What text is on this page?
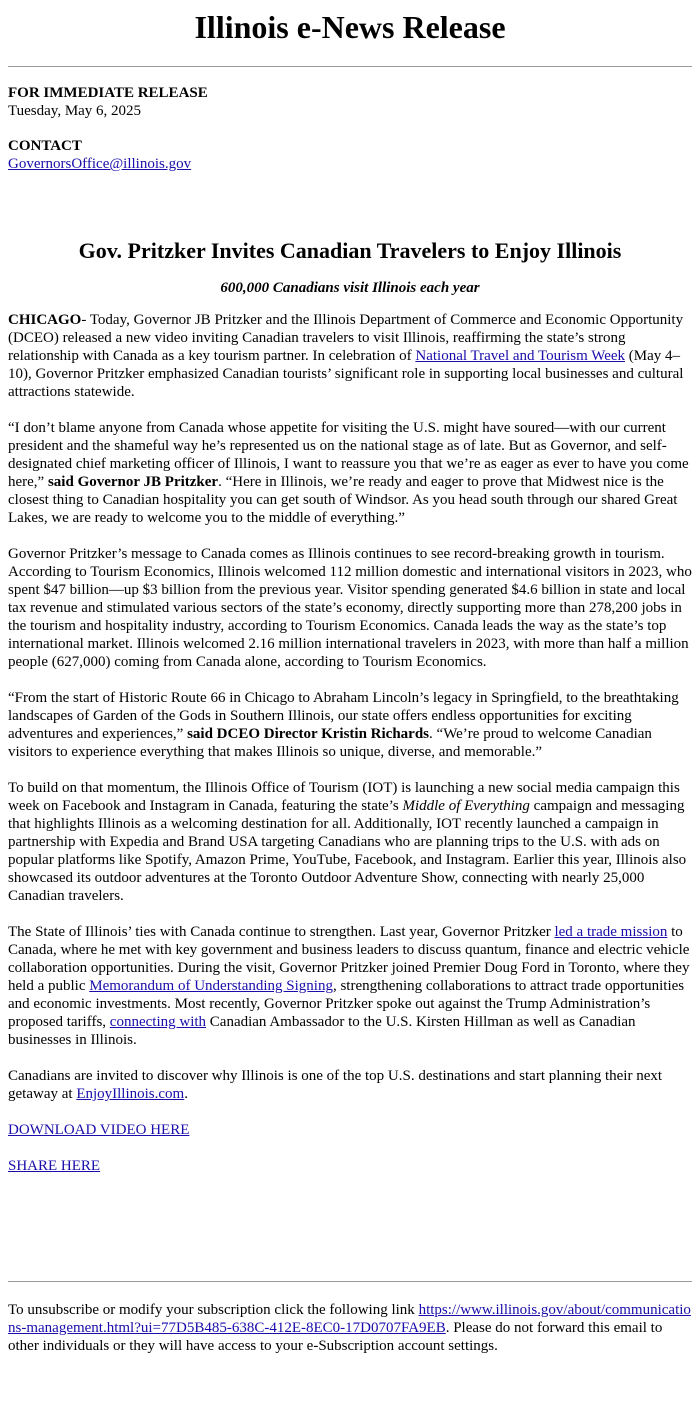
Illinois e-News Release

FOR IMMEDIATE RELEASE

Tuesday, May 6, 2025

CONTACT

GovernorsOffice@illinois.gov

Gov. Pritzker Invites Canadian Travelers to Enjoy Illinois

600,000 Canadians visit Illinois each year

CHICAGO- Today, Governor JB Pritzker and the Illinois Department of Commerce and Economic Opportunity (DCEO) released a new video inviting Canadian travelers to visit Illinois, reaffirming the state’s strong relationship with Canada as a key tourism partner. In celebration of National Travel and Tourism Week (May 4–10), Governor Pritzker emphasized Canadian tourists’ significant role in supporting local businesses and cultural attractions statewide.

“I don’t blame anyone from Canada whose appetite for visiting the U.S. might have soured—with our current president and the shameful way he’s represented us on the national stage as of late. But as Governor, and self-designated chief marketing officer of Illinois, I want to reassure you that we’re as eager as ever to have you come here,” said Governor JB Pritzker. “Here in Illinois, we’re ready and eager to prove that Midwest nice is the closest thing to Canadian hospitality you can get south of Windsor. As you head south through our shared Great Lakes, we are ready to welcome you to the middle of everything.”

Governor Pritzker’s message to Canada comes as Illinois continues to see record-breaking growth in tourism. According to Tourism Economics, Illinois welcomed 112 million domestic and international visitors in 2023, who spent $47 billion—up $3 billion from the previous year. Visitor spending generated $4.6 billion in state and local tax revenue and stimulated various sectors of the state’s economy, directly supporting more than 278,200 jobs in the tourism and hospitality industry, according to Tourism Economics. Canada leads the way as the state’s top international market. Illinois welcomed 2.16 million international travelers in 2023, with more than half a million people (627,000) coming from Canada alone, according to Tourism Economics.

“From the start of Historic Route 66 in Chicago to Abraham Lincoln’s legacy in Springfield, to the breathtaking landscapes of Garden of the Gods in Southern Illinois, our state offers endless opportunities for exciting adventures and experiences,” said DCEO Director Kristin Richards. “We’re proud to welcome Canadian visitors to experience everything that makes Illinois so unique, diverse, and memorable.”

To build on that momentum, the Illinois Office of Tourism (IOT) is launching a new social media campaign this week on Facebook and Instagram in Canada, featuring the state’s Middle of Everything campaign and messaging that highlights Illinois as a welcoming destination for all. Additionally, IOT recently launched a campaign in partnership with Expedia and Brand USA targeting Canadians who are planning trips to the U.S. with ads on popular platforms like Spotify, Amazon Prime, YouTube, Facebook, and Instagram. Earlier this year, Illinois also showcased its outdoor adventures at the Toronto Outdoor Adventure Show, connecting with nearly 25,000 Canadian travelers.

The State of Illinois’ ties with Canada continue to strengthen. Last year, Governor Pritzker led a trade mission to Canada, where he met with key government and business leaders to discuss quantum, finance and electric vehicle collaboration opportunities. During the visit, Governor Pritzker joined Premier Doug Ford in Toronto, where they held a public Memorandum of Understanding Signing, strengthening collaborations to attract trade opportunities and economic investments. Most recently, Governor Pritzker spoke out against the Trump Administration’s proposed tariffs, connecting with Canadian Ambassador to the U.S. Kirsten Hillman as well as Canadian businesses in Illinois.

Canadians are invited to discover why Illinois is one of the top U.S. destinations and start planning their next getaway at EnjoyIllinois.com.

DOWNLOAD VIDEO HERE

SHARE HERE

To unsubscribe or modify your subscription click the following link https://www.illinois.gov/about/communications-management.html?ui=77D5B485-638C-412E-8EC0-17D0707FA9EB. Please do not forward this email to other individuals or they will have access to your e-Subscription account settings.
